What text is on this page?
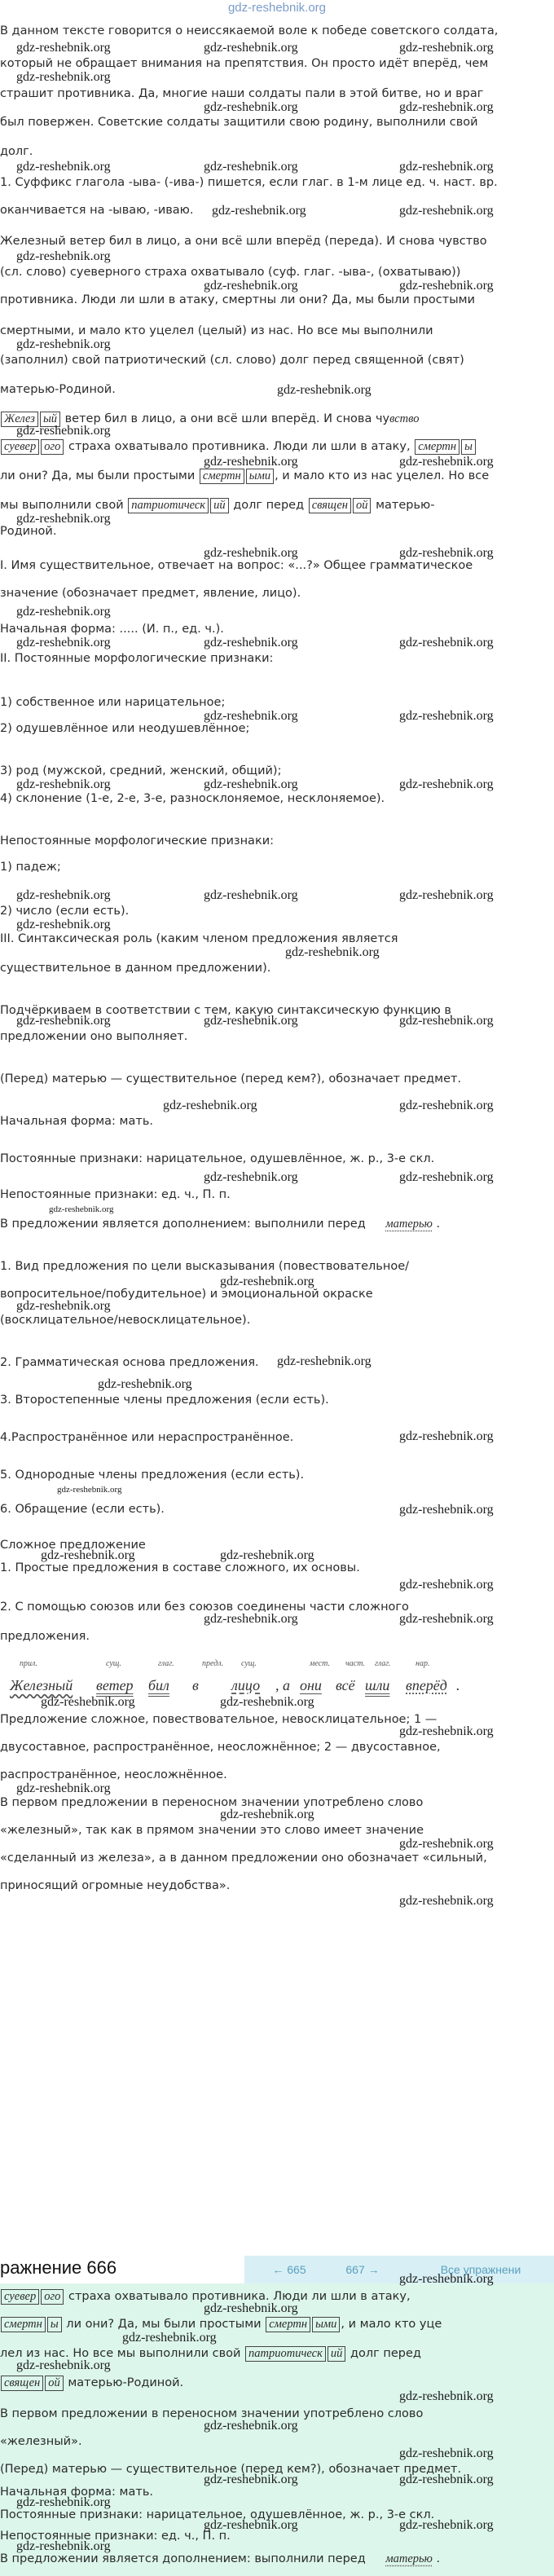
gdz-reshebnik.org

В данном тексте говорится о неиссякаемой воле к победе советского солдата,

который не обращает внимания на препятствия. Он просто идёт вперёд, чем

страшит противника. Да, многие наши солдаты пали в этой битве, но и враг

был повержен. Советские солдаты защитили свою родину, выполнили свой

долг.

1. Суффикс глагола -ыва- (-ива-) пишется, если глаг. в 1-м лице ед. ч. наст. вр.

оканчивается на -ываю, -иваю.

Железный ветер бил в лицо, а они всё шли вперёд (переда). И снова чувство

(сл. слово) суеверного страха охватывало (суф. глаг. -ыва-, (охватываю))

противника. Люди ли шли в атаку, смертны ли они? Да, мы были простыми

смертными, и мало кто уцелел (целый) из нас. Но все мы выполнили

(заполнил) свой патриотический (сл. слово) долг перед священной (свят)

матерью-Родиной.

Желез ый ветер бил в лицо, а они всё шли вперёд. И снова чувство

суевер ого страха охватывало противника. Люди ли шли в атаку, смертн ы

ли они? Да, мы были простыми смертн ыми , и мало кто из нас уцелел. Но все

мы выполнили свой патриотическ ий долг перед священ ой матерью-

Родиной.

I. Имя существительное, отвечает на вопрос: «...?» Общее грамматическое

значение (обозначает предмет, явление, лицо).

Начальная форма: ..... (И. п., ед. ч.).

II. Постоянные морфологические признаки:

1) собственное или нарицательное;

2) одушевлённое или неодушевлённое;

3) род (мужской, средний, женский, общий);

4) склонение (1-е, 2-е, 3-е, разносклоняемое, несклоняемое).

Непостоянные морфологические признаки:

1) падеж;

2) число (если есть).

III. Синтаксическая роль (каким членом предложения является

существительное в данном предложении).

Подчёркиваем в соответствии с тем, какую синтаксическую функцию в

предложении оно выполняет.

(Перед) матерью — существительное (перед кем?), обозначает предмет.

Начальная форма: мать.

Постоянные признаки: нарицательное, одушевлённое, ж. р., 3-е скл.

Непостоянные признаки: ед. ч., П. п.

В предложении является дополнением: выполнили перед матерью .

1. Вид предложения по цели высказывания (повествовательное/

вопросительное/побудительное) и эмоциональной окраске

(восклицательное/невосклицательное).

2. Грамматическая основа предложения.

3. Второстепенные члены предложения (если есть).

4.Распространённое или нераспространённое.

5. Однородные члены предложения (если есть).

6. Обращение (если есть).

Сложное предложение

1. Простые предложения в составе сложного, их основы.

2. С помощью союзов или без союзов соединены части сложного

предложения.

прил.
Железный
сущ.
ветер
глаг.
бил
предл.
в
сущ.
лицо , а
мест.
они
част.
всё
глаг.
шли
нар.
вперёд .

Предложение сложное, повествовательное, невосклицательное; 1 —

двусоставное, распространённое, неосложнённое; 2 — двусоставное,

распространённое, неосложнённое.

В первом предложении в переносном значении употреблено слово

«железный», так как в прямом значении это слово имеет значение

«сделанный из железа», а в данном предложении оно обозначает «сильный,

приносящий огромные неудобства».

gdz-reshebnik.org	gdz-reshebnik.org	gdz-reshebnik.org
gdz-reshebnik.org
gdz-reshebnik.org	gdz-reshebnik.org
gdz-reshebnik.org	gdz-reshebnik.org	gdz-reshebnik.org
gdz-reshebnik.org	gdz-reshebnik.org
gdz-reshebnik.org
gdz-reshebnik.org	gdz-reshebnik.org
gdz-reshebnik.org
gdz-reshebnik.org
gdz-reshebnik.org
gdz-reshebnik.org	gdz-reshebnik.org
gdz-reshebnik.org
gdz-reshebnik.org	gdz-reshebnik.org
gdz-reshebnik.org
gdz-reshebnik.org	gdz-reshebnik.org	gdz-reshebnik.org
gdz-reshebnik.org	gdz-reshebnik.org
gdz-reshebnik.org	gdz-reshebnik.org	gdz-reshebnik.org
gdz-reshebnik.org	gdz-reshebnik.org	gdz-reshebnik.org
gdz-reshebnik.org
gdz-reshebnik.org
gdz-reshebnik.org	gdz-reshebnik.org	gdz-reshebnik.org
gdz-reshebnik.org	gdz-reshebnik.org
gdz-reshebnik.org	gdz-reshebnik.org
gdz-reshebnik.org
gdz-reshebnik.org
gdz-reshebnik.org
gdz-reshebnik.org
gdz-reshebnik.org
gdz-reshebnik.org
gdz-reshebnik.org
gdz-reshebnik.org
gdz-reshebnik.org	gdz-reshebnik.org
gdz-reshebnik.org
gdz-reshebnik.org	gdz-reshebnik.org
gdz-reshebnik.org	gdz-reshebnik.org
gdz-reshebnik.org
gdz-reshebnik.org
gdz-reshebnik.org
gdz-reshebnik.org
gdz-reshebnik.org
ражнение 666	← 665	667 →	Все упражнени

суевер ого страха охватывало противника. Люди ли шли в атаку,

смертн ы ли они? Да, мы были простыми смертн ыми , и мало кто уце

лел из нас. Но все мы выполнили свой патриотическ ий долг перед

священ ой матерью-Родиной.

В первом предложении в переносном значении употреблено слово

«железный».

(Перед) матерью — существительное (перед кем?), обозначает предмет.

Начальная форма: мать.

Постоянные признаки: нарицательное, одушевлённое, ж. р., 3-е скл.

Непостоянные признаки: ед. ч., П. п.

В предложении является дополнением: выполнили перед матерью .

gdz-reshebnik.org
gdz-reshebnik.org
gdz-reshebnik.org
gdz-reshebnik.org
gdz-reshebnik.org
gdz-reshebnik.org
gdz-reshebnik.org
gdz-reshebnik.org	gdz-reshebnik.org
gdz-reshebnik.org
gdz-reshebnik.org	gdz-reshebnik.org
gdz-reshebnik.org
